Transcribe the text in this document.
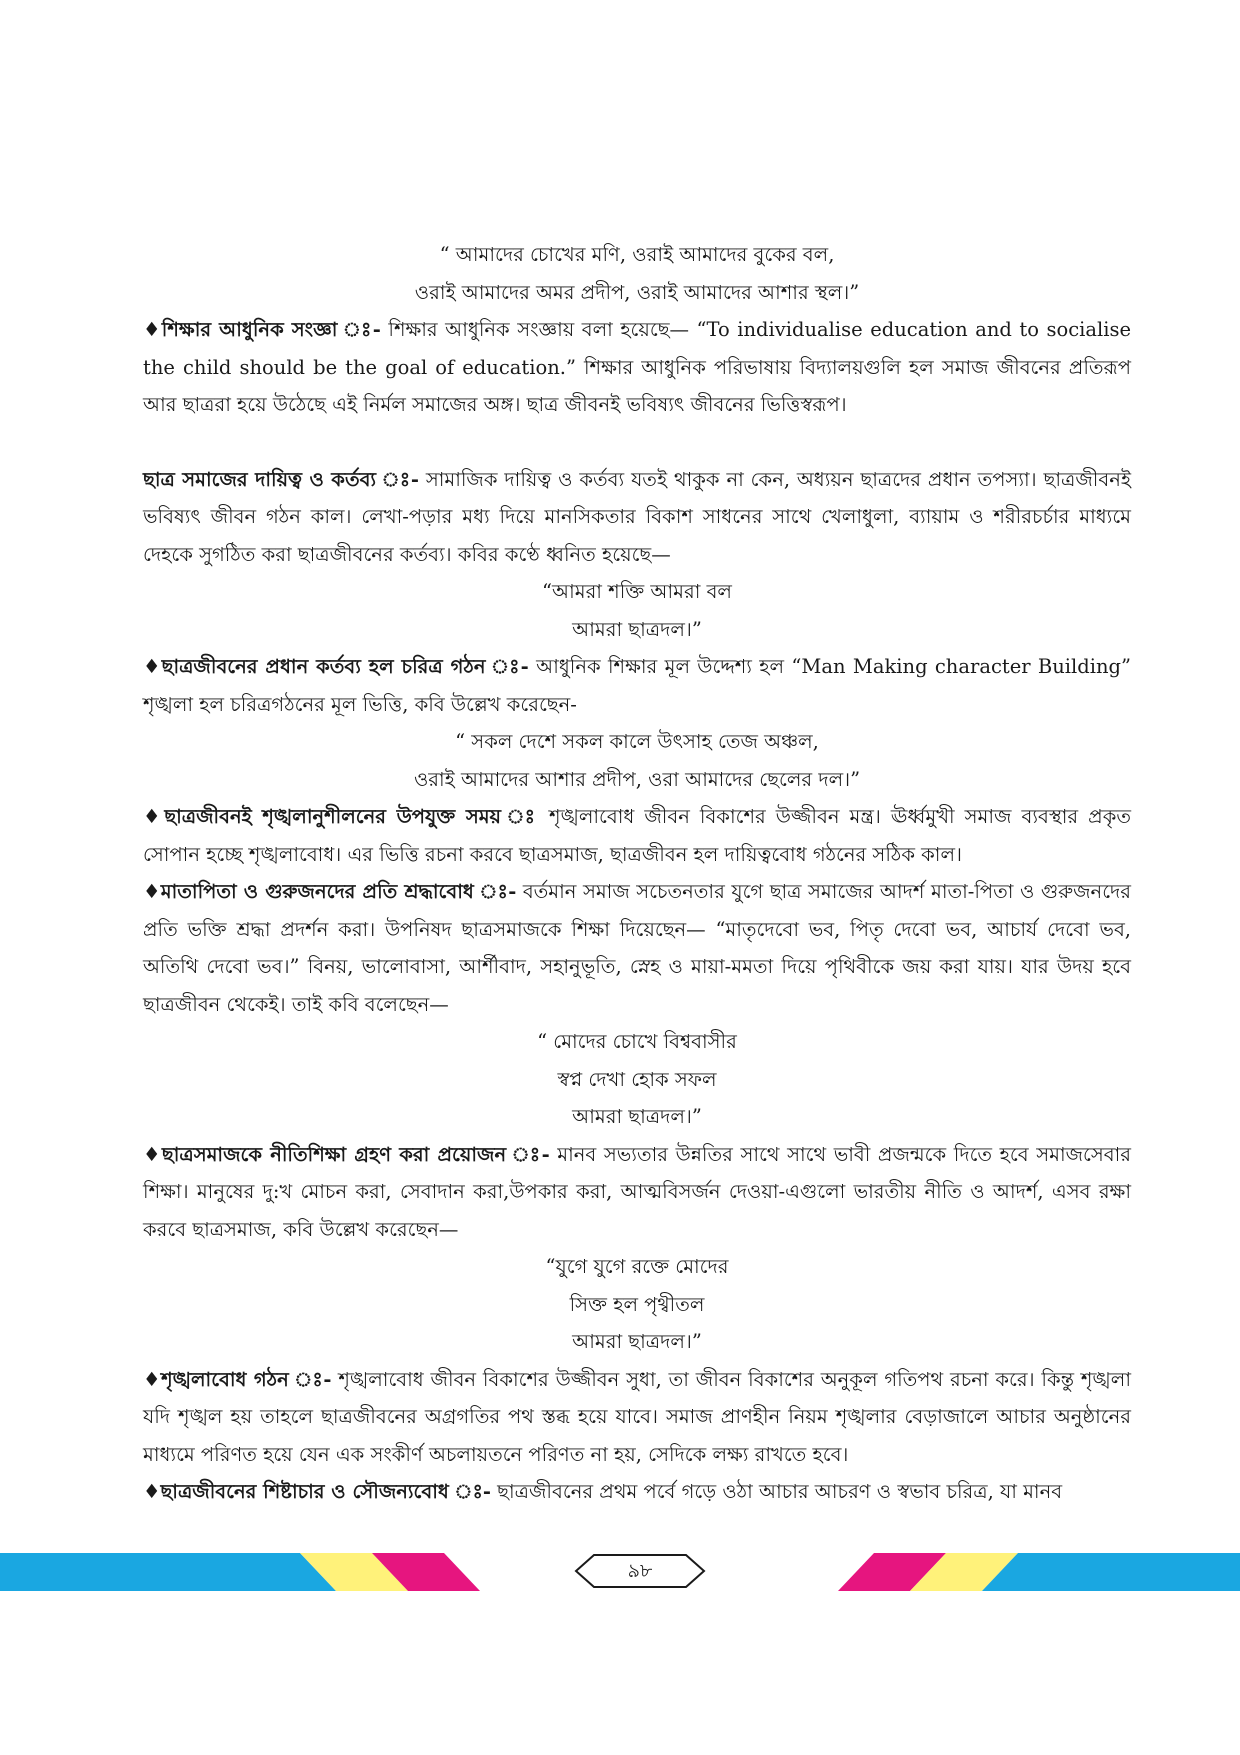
“ আমাদের চোখের মণি, ওরাই আমাদের বুকের বল,
ওরাই আমাদের অমর প্রদীপ, ওরাই আমাদের আশার স্থল।”

♦শিক্ষার আধুনিক সংজ্ঞা ঃ- শিক্ষার আধুনিক সংজ্ঞায় বলা হয়েছে— “To individualise education and to socialise the child should be the goal of education.” শিক্ষার আধুনিক পরিভাষায় বিদ্যালয়গুলি হল সমাজ জীবনের প্রতিরূপ আর ছাত্ররা হয়ে উঠেছে এই নির্মল সমাজের অঙ্গ। ছাত্র জীবনই ভবিষ্যৎ জীবনের ভিত্তিস্বরূপ।

ছাত্র সমাজের দায়িত্ব ও কর্তব্য ঃ- সামাজিক দায়িত্ব ও কর্তব্য যতই থাকুক না কেন, অধ্যয়ন ছাত্রদের প্রধান তপস্যা। ছাত্রজীবনই ভবিষ্যৎ জীবন গঠন কাল। লেখা-পড়ার মধ্য দিয়ে মানসিকতার বিকাশ সাধনের সাথে খেলাধুলা, ব্যায়াম ও শরীরচর্চার মাধ্যমে দেহকে সুগঠিত করা ছাত্রজীবনের কর্তব্য। কবির কণ্ঠে ধ্বনিত হয়েছে—

“আমরা শক্তি আমরা বল
আমরা ছাত্রদল।”

♦ছাত্রজীবনের প্রধান কর্তব্য হল চরিত্র গঠন ঃ- আধুনিক শিক্ষার মূল উদ্দেশ্য হল “Man Making character Building” শৃঙ্খলা হল চরিত্রগঠনের মূল ভিত্তি, কবি উল্লেখ করেছেন-

“ সকল দেশে সকল কালে উৎসাহ তেজ অঞ্চল,
ওরাই আমাদের আশার প্রদীপ, ওরা আমাদের ছেলের দল।”

♦ছাত্রজীবনই শৃঙ্খলানুশীলনের উপযুক্ত সময় ঃ শৃঙ্খলাবোধ জীবন বিকাশের উজ্জীবন মন্ত্র। ঊর্ধ্বমুখী সমাজ ব্যবস্থার প্রকৃত সোপান হচ্ছে শৃঙ্খলাবোধ। এর ভিত্তি রচনা করবে ছাত্রসমাজ, ছাত্রজীবন হল দায়িত্ববোধ গঠনের সঠিক কাল।

♦মাতাপিতা ও গুরুজনদের প্রতি শ্রদ্ধাবোধ ঃ- বর্তমান সমাজ সচেতনতার যুগে ছাত্র সমাজের আদর্শ মাতা-পিতা ও গুরুজনদের প্রতি ভক্তি শ্রদ্ধা প্রদর্শন করা। উপনিষদ ছাত্রসমাজকে শিক্ষা দিয়েছেন— “মাতৃদেবো ভব, পিতৃ দেবো ভব, আচার্য দেবো ভব, অতিথি দেবো ভব।” বিনয়, ভালোবাসা, আর্শীবাদ, সহানুভূতি, স্নেহ ও মায়া-মমতা দিয়ে পৃথিবীকে জয় করা যায়। যার উদয় হবে ছাত্রজীবন থেকেই। তাই কবি বলেছেন—

“ মোদের চোখে বিশ্ববাসীর
স্বপ্ন দেখা হোক সফল
আমরা ছাত্রদল।”

♦ছাত্রসমাজকে নীতিশিক্ষা গ্রহণ করা প্রয়োজন ঃ- মানব সভ্যতার উন্নতির সাথে সাথে ভাবী প্রজন্মকে দিতে হবে সমাজসেবার শিক্ষা। মানুষের দু:খ মোচন করা, সেবাদান করা,উপকার করা, আত্মবিসর্জন দেওয়া-এগুলো ভারতীয় নীতি ও আদর্শ, এসব রক্ষা করবে ছাত্রসমাজ, কবি উল্লেখ করেছেন—

“যুগে যুগে রক্তে মোদের
সিক্ত হল পৃথ্বীতল
আমরা ছাত্রদল।”

♦শৃঙ্খলাবোধ গঠন ঃ- শৃঙ্খলাবোধ জীবন বিকাশের উজ্জীবন সুধা, তা জীবন বিকাশের অনুকূল গতিপথ রচনা করে। কিন্তু শৃঙ্খলা যদি শৃঙ্খল হয় তাহলে ছাত্রজীবনের অগ্রগতির পথ স্তব্ধ হয়ে যাবে। সমাজ প্রাণহীন নিয়ম শৃঙ্খলার বেড়াজালে আচার অনুষ্ঠানের মাধ্যমে পরিণত হয়ে যেন এক সংকীর্ণ অচলায়তনে পরিণত না হয়, সেদিকে লক্ষ্য রাখতে হবে।

♦ছাত্রজীবনের শিষ্টাচার ও সৌজন্যবোধ ঃ- ছাত্রজীবনের প্রথম পর্বে গড়ে ওঠা আচার আচরণ ও স্বভাব চরিত্র, যা মানব

৯৮
